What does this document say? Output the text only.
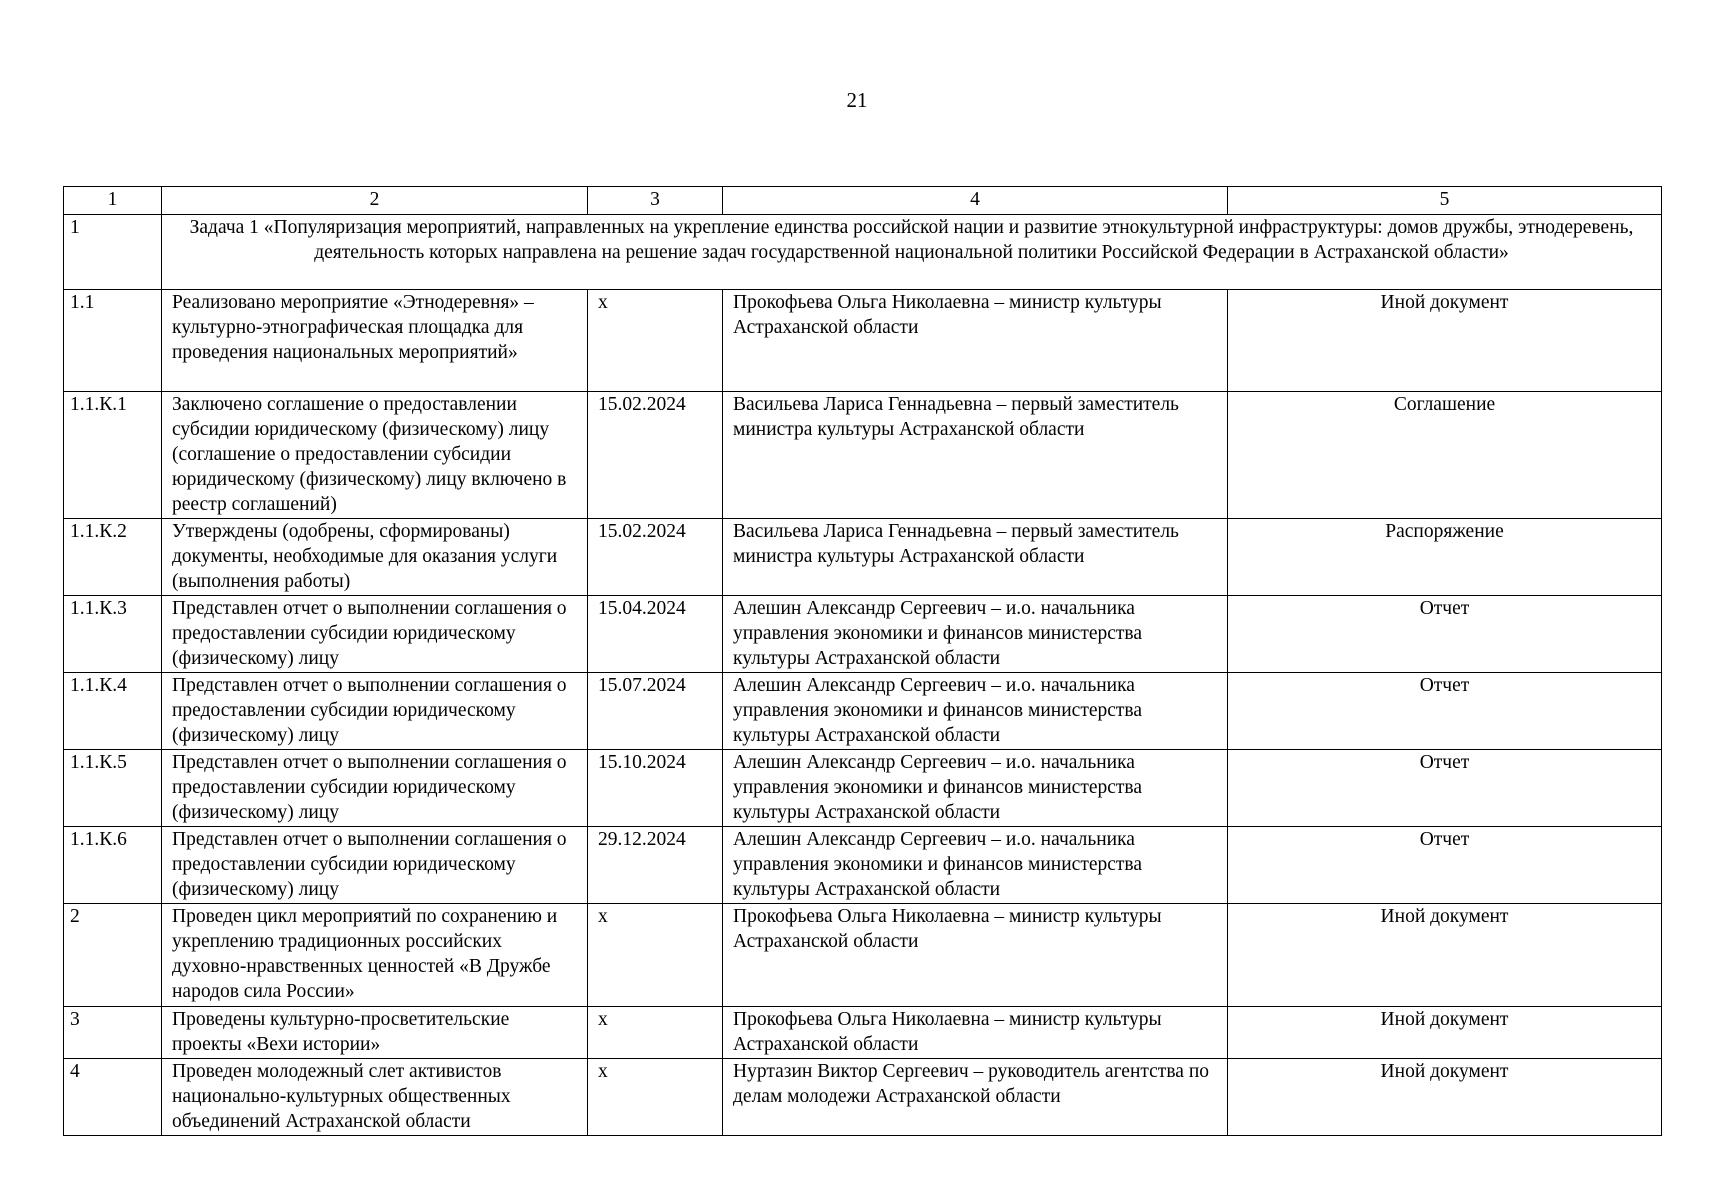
21
1	2	3	4	5
1	Задача 1 «Популяризация мероприятий, направленных на укрепление единства российской нации и развитие этнокультурной инфраструктуры: домов дружбы, этнодеревень, деятельность которых направлена на решение задач государственной национальной политики Российской Федерации в Астраханской области»			
1.1	Реализовано мероприятие «Этнодеревня» – культурно-этнографическая площадка для проведения национальных мероприятий»	x	Прокофьева Ольга Николаевна – министр культуры Астраханской области	Иной документ
1.1.К.1	Заключено соглашение о предоставлении субсидии юридическому (физическому) лицу (соглашение о предоставлении субсидии юридическому (физическому) лицу включено в реестр соглашений)	15.02.2024	Васильева Лариса Геннадьевна – первый заместитель министра культуры Астраханской области	Соглашение
1.1.К.2	Утверждены (одобрены, сформированы) документы, необходимые для оказания услуги (выполнения работы)	15.02.2024	Васильева Лариса Геннадьевна – первый заместитель министра культуры Астраханской области	Распоряжение
1.1.К.3	Представлен отчет о выполнении соглашения о предоставлении субсидии юридическому (физическому) лицу	15.04.2024	Алешин Александр Сергеевич – и.о. начальника управления экономики и финансов министерства культуры Астраханской области	Отчет
1.1.К.4	Представлен отчет о выполнении соглашения о предоставлении субсидии юридическому (физическому) лицу	15.07.2024	Алешин Александр Сергеевич – и.о. начальника управления экономики и финансов министерства культуры Астраханской области	Отчет
1.1.К.5	Представлен отчет о выполнении соглашения о предоставлении субсидии юридическому (физическому) лицу	15.10.2024	Алешин Александр Сергеевич – и.о. начальника управления экономики и финансов министерства культуры Астраханской области	Отчет
1.1.К.6	Представлен отчет о выполнении соглашения о предоставлении субсидии юридическому (физическому) лицу	29.12.2024	Алешин Александр Сергеевич – и.о. начальника управления экономики и финансов министерства культуры Астраханской области	Отчет
2	Проведен цикл мероприятий по сохранению и укреплению традиционных российских духовно-нравственных ценностей «В Дружбе народов сила России»	x	Прокофьева Ольга Николаевна – министр культуры Астраханской области	Иной документ
3	Проведены культурно-просветительские проекты «Вехи истории»	x	Прокофьева Ольга Николаевна – министр культуры Астраханской области	Иной документ
4	Проведен молодежный слет активистов национально-культурных общественных объединений Астраханской области	x	Нуртазин Виктор Сергеевич – руководитель агентства по делам молодежи Астраханской области	Иной документ
